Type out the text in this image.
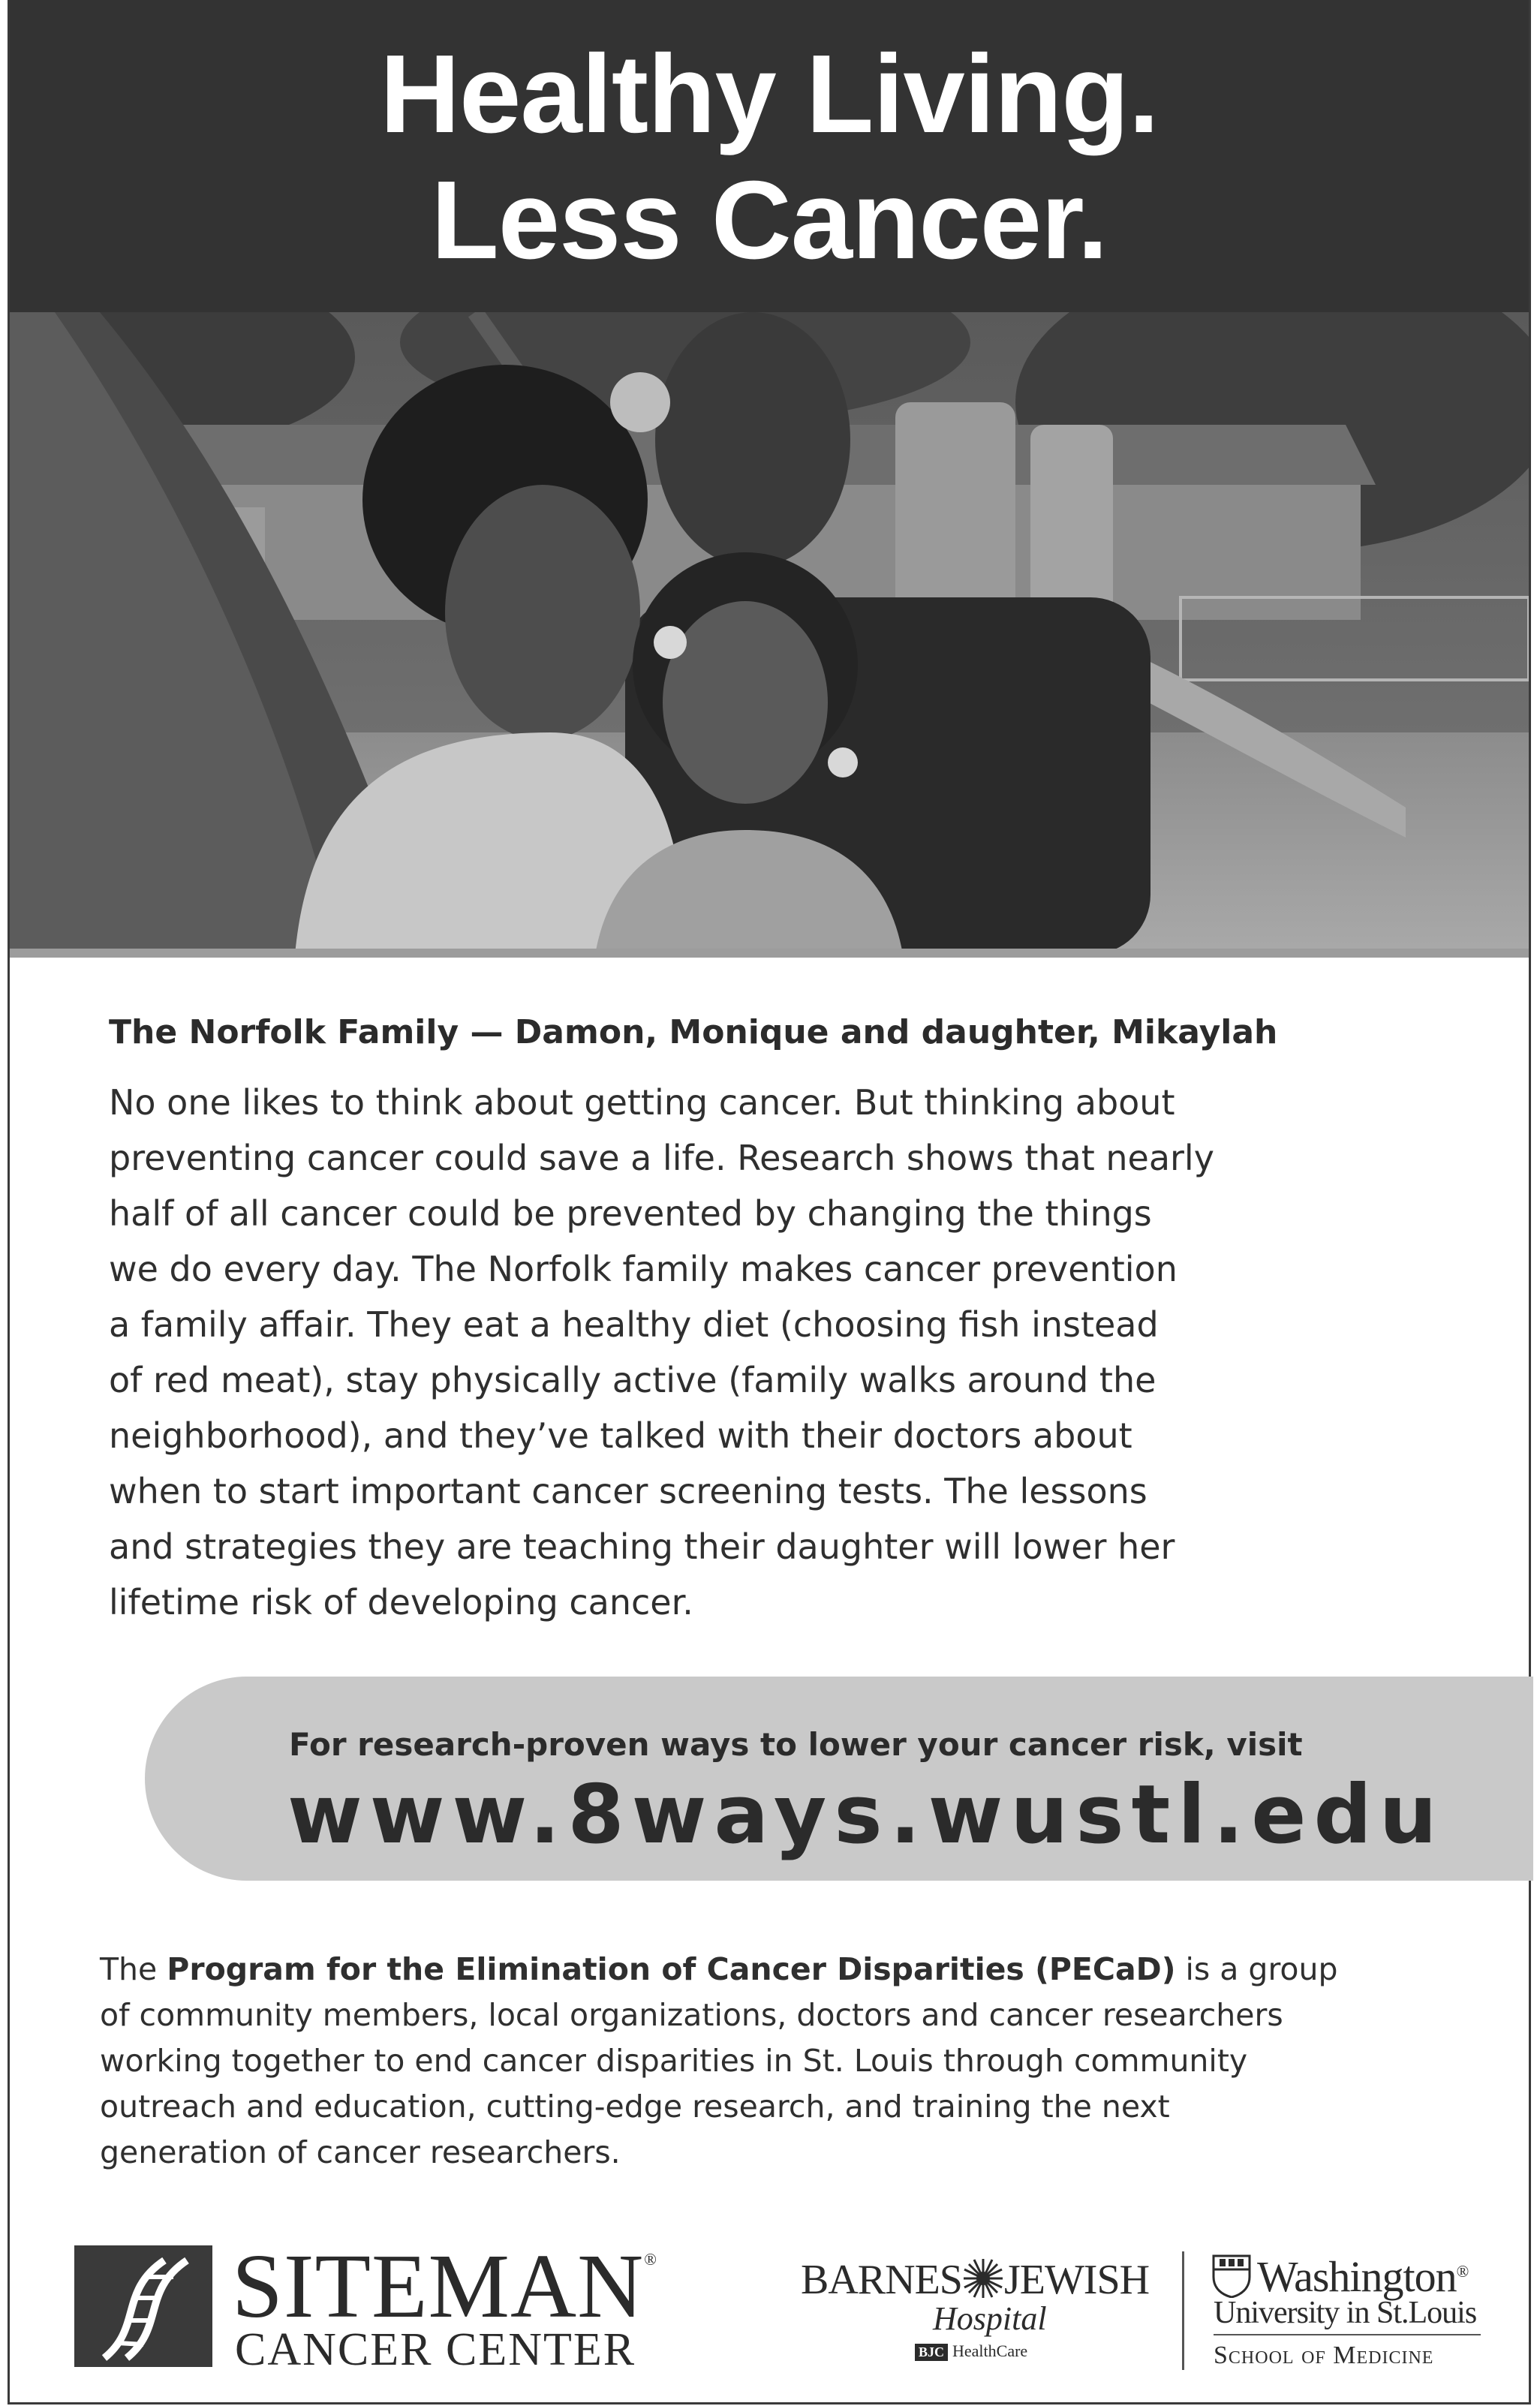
Healthy Living.
Less Cancer.
The Norfolk Family — Damon, Monique and daughter, Mikaylah
No one likes to think about getting cancer. But thinking about
preventing cancer could save a life. Research shows that nearly
half of all cancer could be prevented by changing the things
we do every day. The Norfolk family makes cancer prevention
a family affair. They eat a healthy diet (choosing fish instead
of red meat), stay physically active (family walks around the
neighborhood), and they’ve talked with their doctors about
when to start important cancer screening tests. The lessons
and strategies they are teaching their daughter will lower her
lifetime risk of developing cancer.
For research-proven ways to lower your cancer risk, visit
www.8ways.wustl.edu
The Program for the Elimination of Cancer Disparities (PECaD) is a group
of community members, local organizations, doctors and cancer researchers
working together to end cancer disparities in St. Louis through community
outreach and education, cutting-edge research, and training the next
generation of cancer researchers.
SITEMAN®
CANCER CENTER
BARNES JEWISH
Hospital
BJC HealthCare
Washington®
University in St.Louis
School of Medicine
